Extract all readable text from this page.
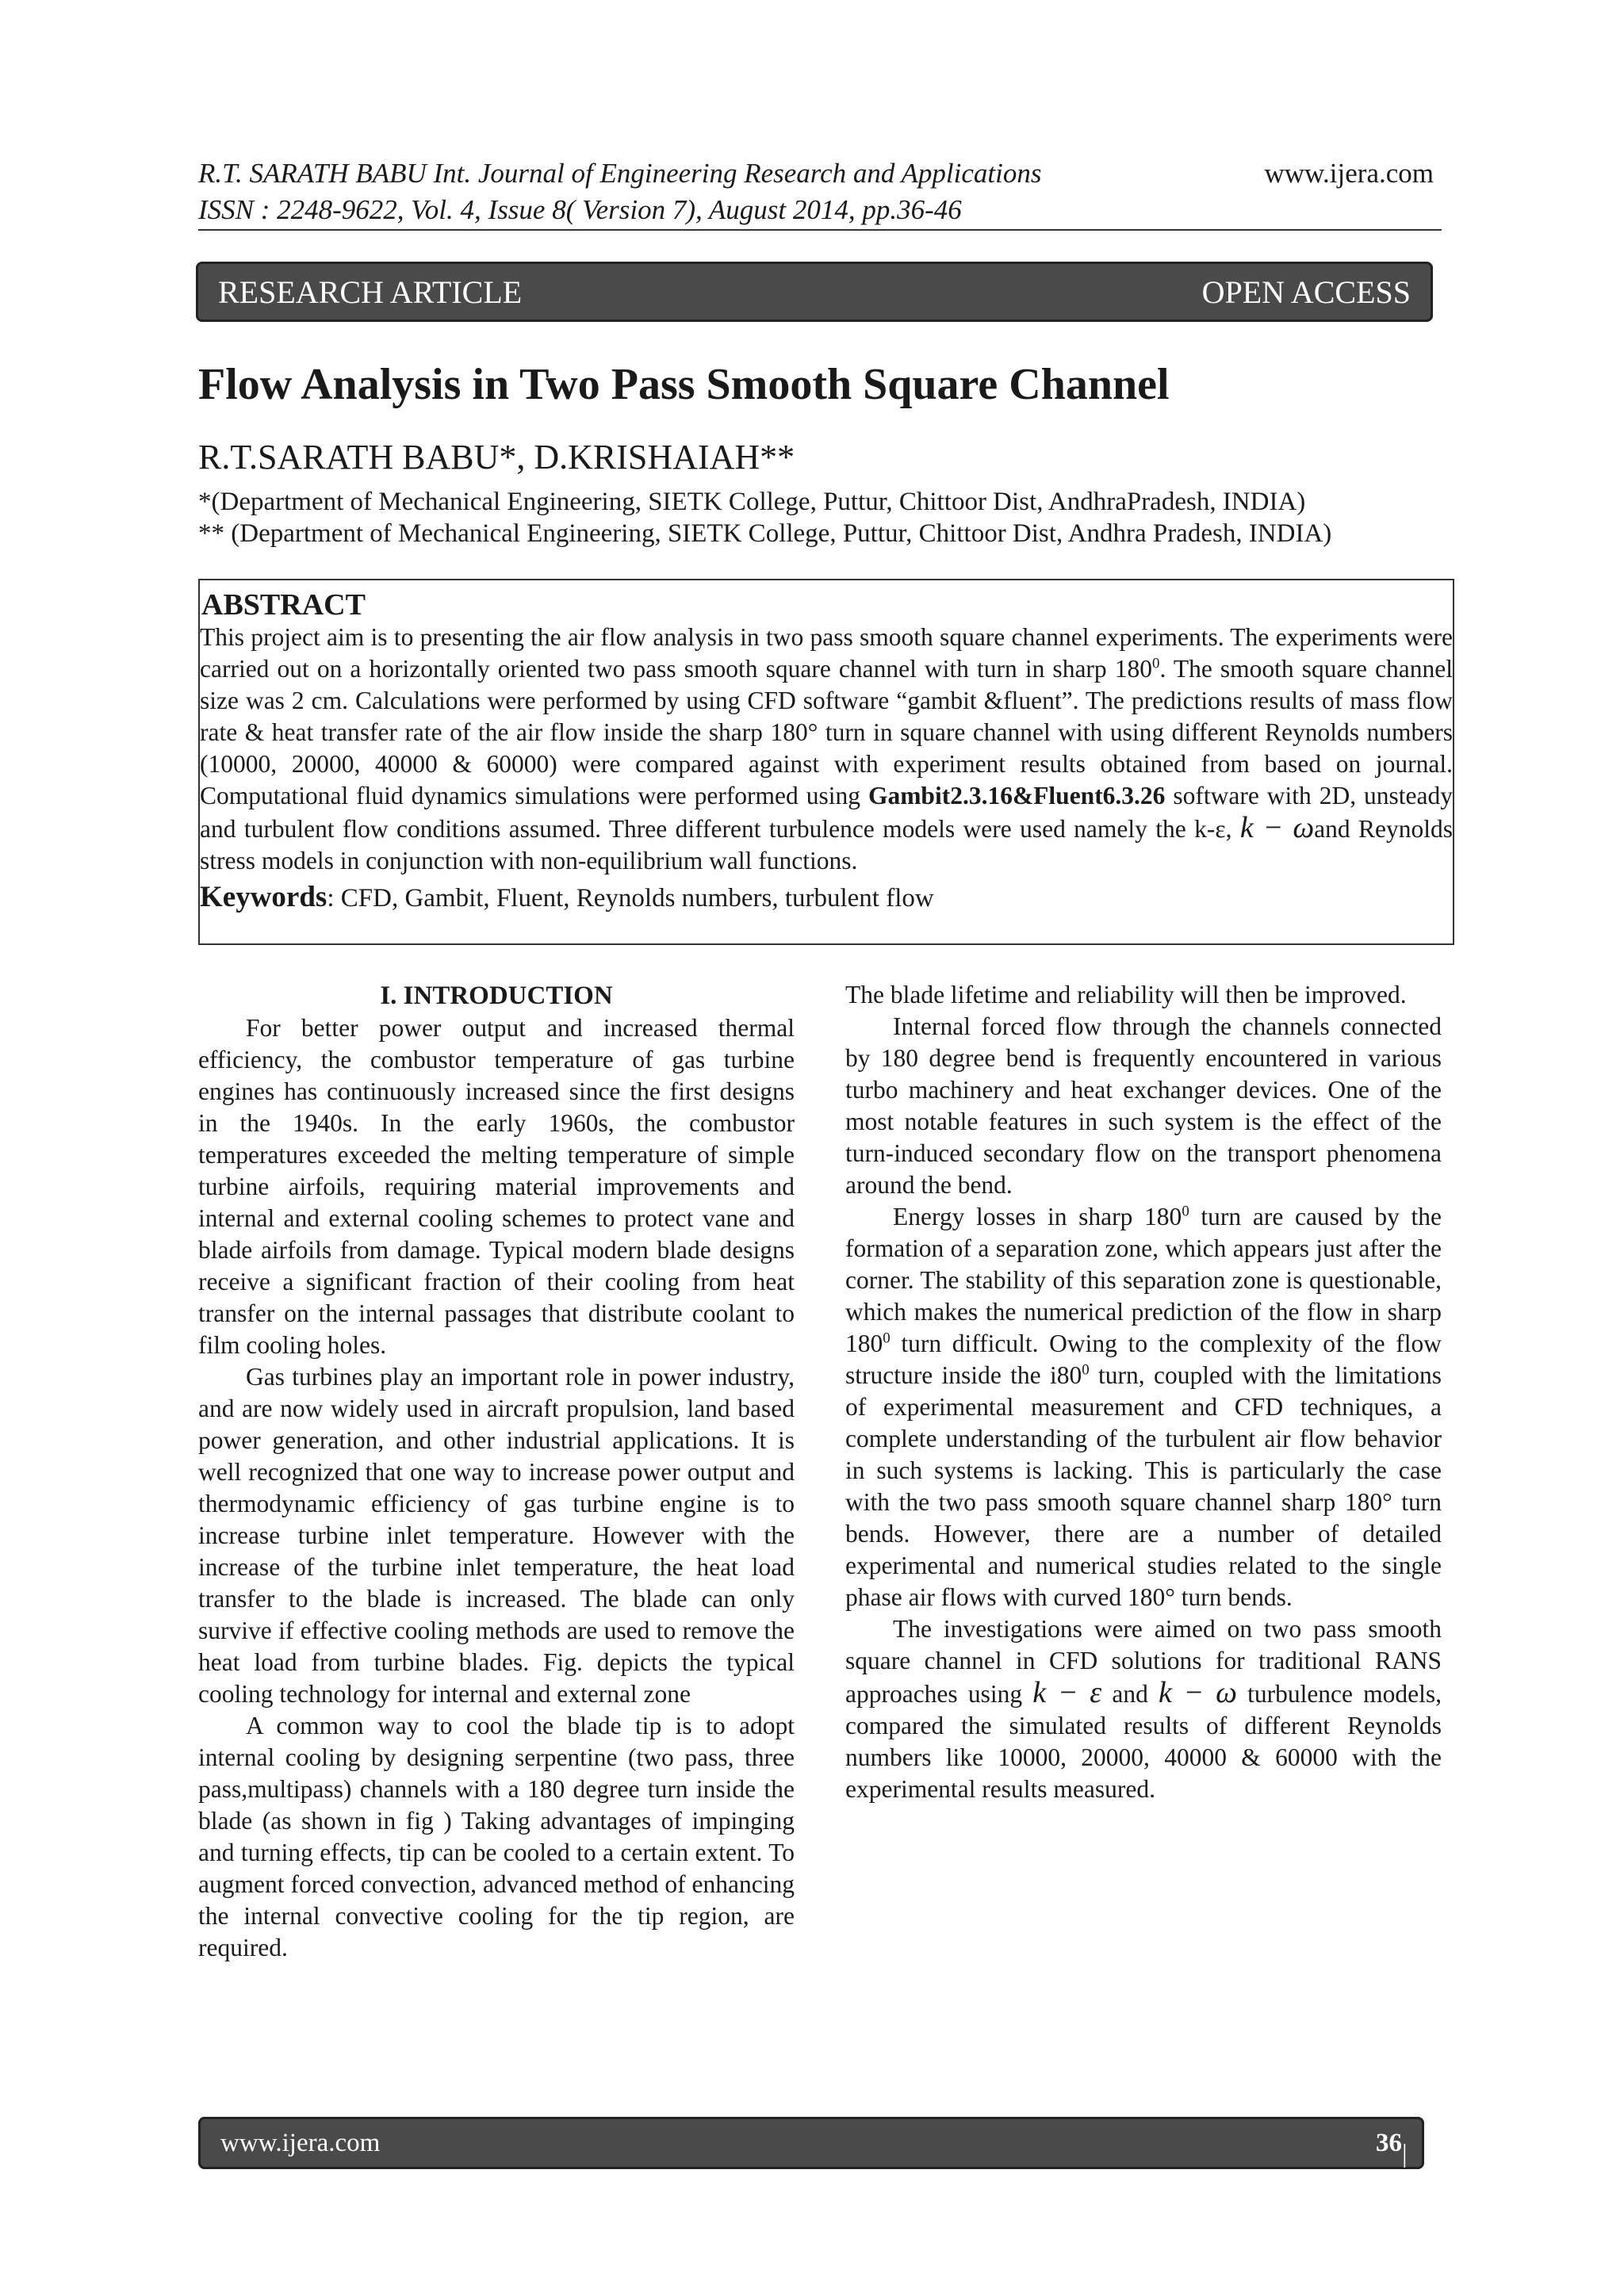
R.T. SARATH BABU Int. Journal of Engineering Research and Applications
ISSN : 2248-9622, Vol. 4, Issue 8( Version 7), August 2014, pp.36-46
www.ijera.com
RESEARCH ARTICLE	OPEN ACCESS
Flow Analysis in Two Pass Smooth Square Channel
R.T.SARATH BABU*, D.KRISHAIAH**
*(Department of Mechanical Engineering, SIETK College, Puttur, Chittoor Dist, AndhraPradesh, INDIA)
** (Department of Mechanical Engineering, SIETK College, Puttur, Chittoor Dist, Andhra Pradesh, INDIA)
ABSTRACT

This project aim is to presenting the air flow analysis in two pass smooth square channel experiments. The experiments were carried out on a horizontally oriented two pass smooth square channel with turn in sharp $180^0$. The smooth square channel size was 2 cm. Calculations were performed by using CFD software “gambit &fluent”. The predictions results of mass flow rate & heat transfer rate of the air flow inside the sharp 180° turn in square channel with using different Reynolds numbers (10000, 20000, 40000 & 60000) were compared against with experiment results obtained from based on journal. Computational fluid dynamics simulations were performed using Gambit2.3.16&Fluent6.3.26 software with 2D, unsteady and turbulent flow conditions assumed. Three different turbulence models were used namely the k-ε, k − ωand Reynolds stress models in conjunction with non-equilibrium wall functions.

Keywords: CFD, Gambit, Fluent, Reynolds numbers, turbulent flow
I. INTRODUCTION

For better power output and increased thermal efficiency, the combustor temperature of gas turbine engines has continuously increased since the first designs in the 1940s. In the early 1960s, the combustor temperatures exceeded the melting temperature of simple turbine airfoils, requiring material improvements and internal and external cooling schemes to protect vane and blade airfoils from damage. Typical modern blade designs receive a significant fraction of their cooling from heat transfer on the internal passages that distribute coolant to film cooling holes.

Gas turbines play an important role in power industry, and are now widely used in aircraft propulsion, land based power generation, and other industrial applications. It is well recognized that one way to increase power output and thermodynamic efficiency of gas turbine engine is to increase turbine inlet temperature. However with the increase of the turbine inlet temperature, the heat load transfer to the blade is increased. The blade can only survive if effective cooling methods are used to remove the heat load from turbine blades. Fig. depicts the typical cooling technology for internal and external zone

A common way to cool the blade tip is to adopt internal cooling by designing serpentine (two pass, three pass,multipass) channels with a 180 degree turn inside the blade (as shown in fig ) Taking advantages of impinging and turning effects, tip can be cooled to a certain extent. To augment forced convection, advanced method of enhancing the internal convective cooling for the tip region, are required.

The blade lifetime and reliability will then be improved.

Internal forced flow through the channels connected by 180 degree bend is frequently encountered in various turbo machinery and heat exchanger devices. One of the most notable features in such system is the effect of the turn-induced secondary flow on the transport phenomena around the bend.

Energy losses in sharp $180^0$ turn are caused by the formation of a separation zone, which appears just after the corner. The stability of this separation zone is questionable, which makes the numerical prediction of the flow in sharp $180^0$ turn difficult. Owing to the complexity of the flow structure inside the $i80^0$ turn, coupled with the limitations of experimental measurement and CFD techniques, a complete understanding of the turbulent air flow behavior in such systems is lacking. This is particularly the case with the two pass smooth square channel sharp 180° turn bends. However, there are a number of detailed experimental and numerical studies related to the single phase air flows with curved 180° turn bends.

The investigations were aimed on two pass smooth square channel in CFD solutions for traditional RANS approaches using k − ε and k − ω turbulence models, compared the simulated results of different Reynolds numbers like 10000, 20000, 40000 & 60000 with the experimental results measured.

www.ijera.com	36 | P a g e
